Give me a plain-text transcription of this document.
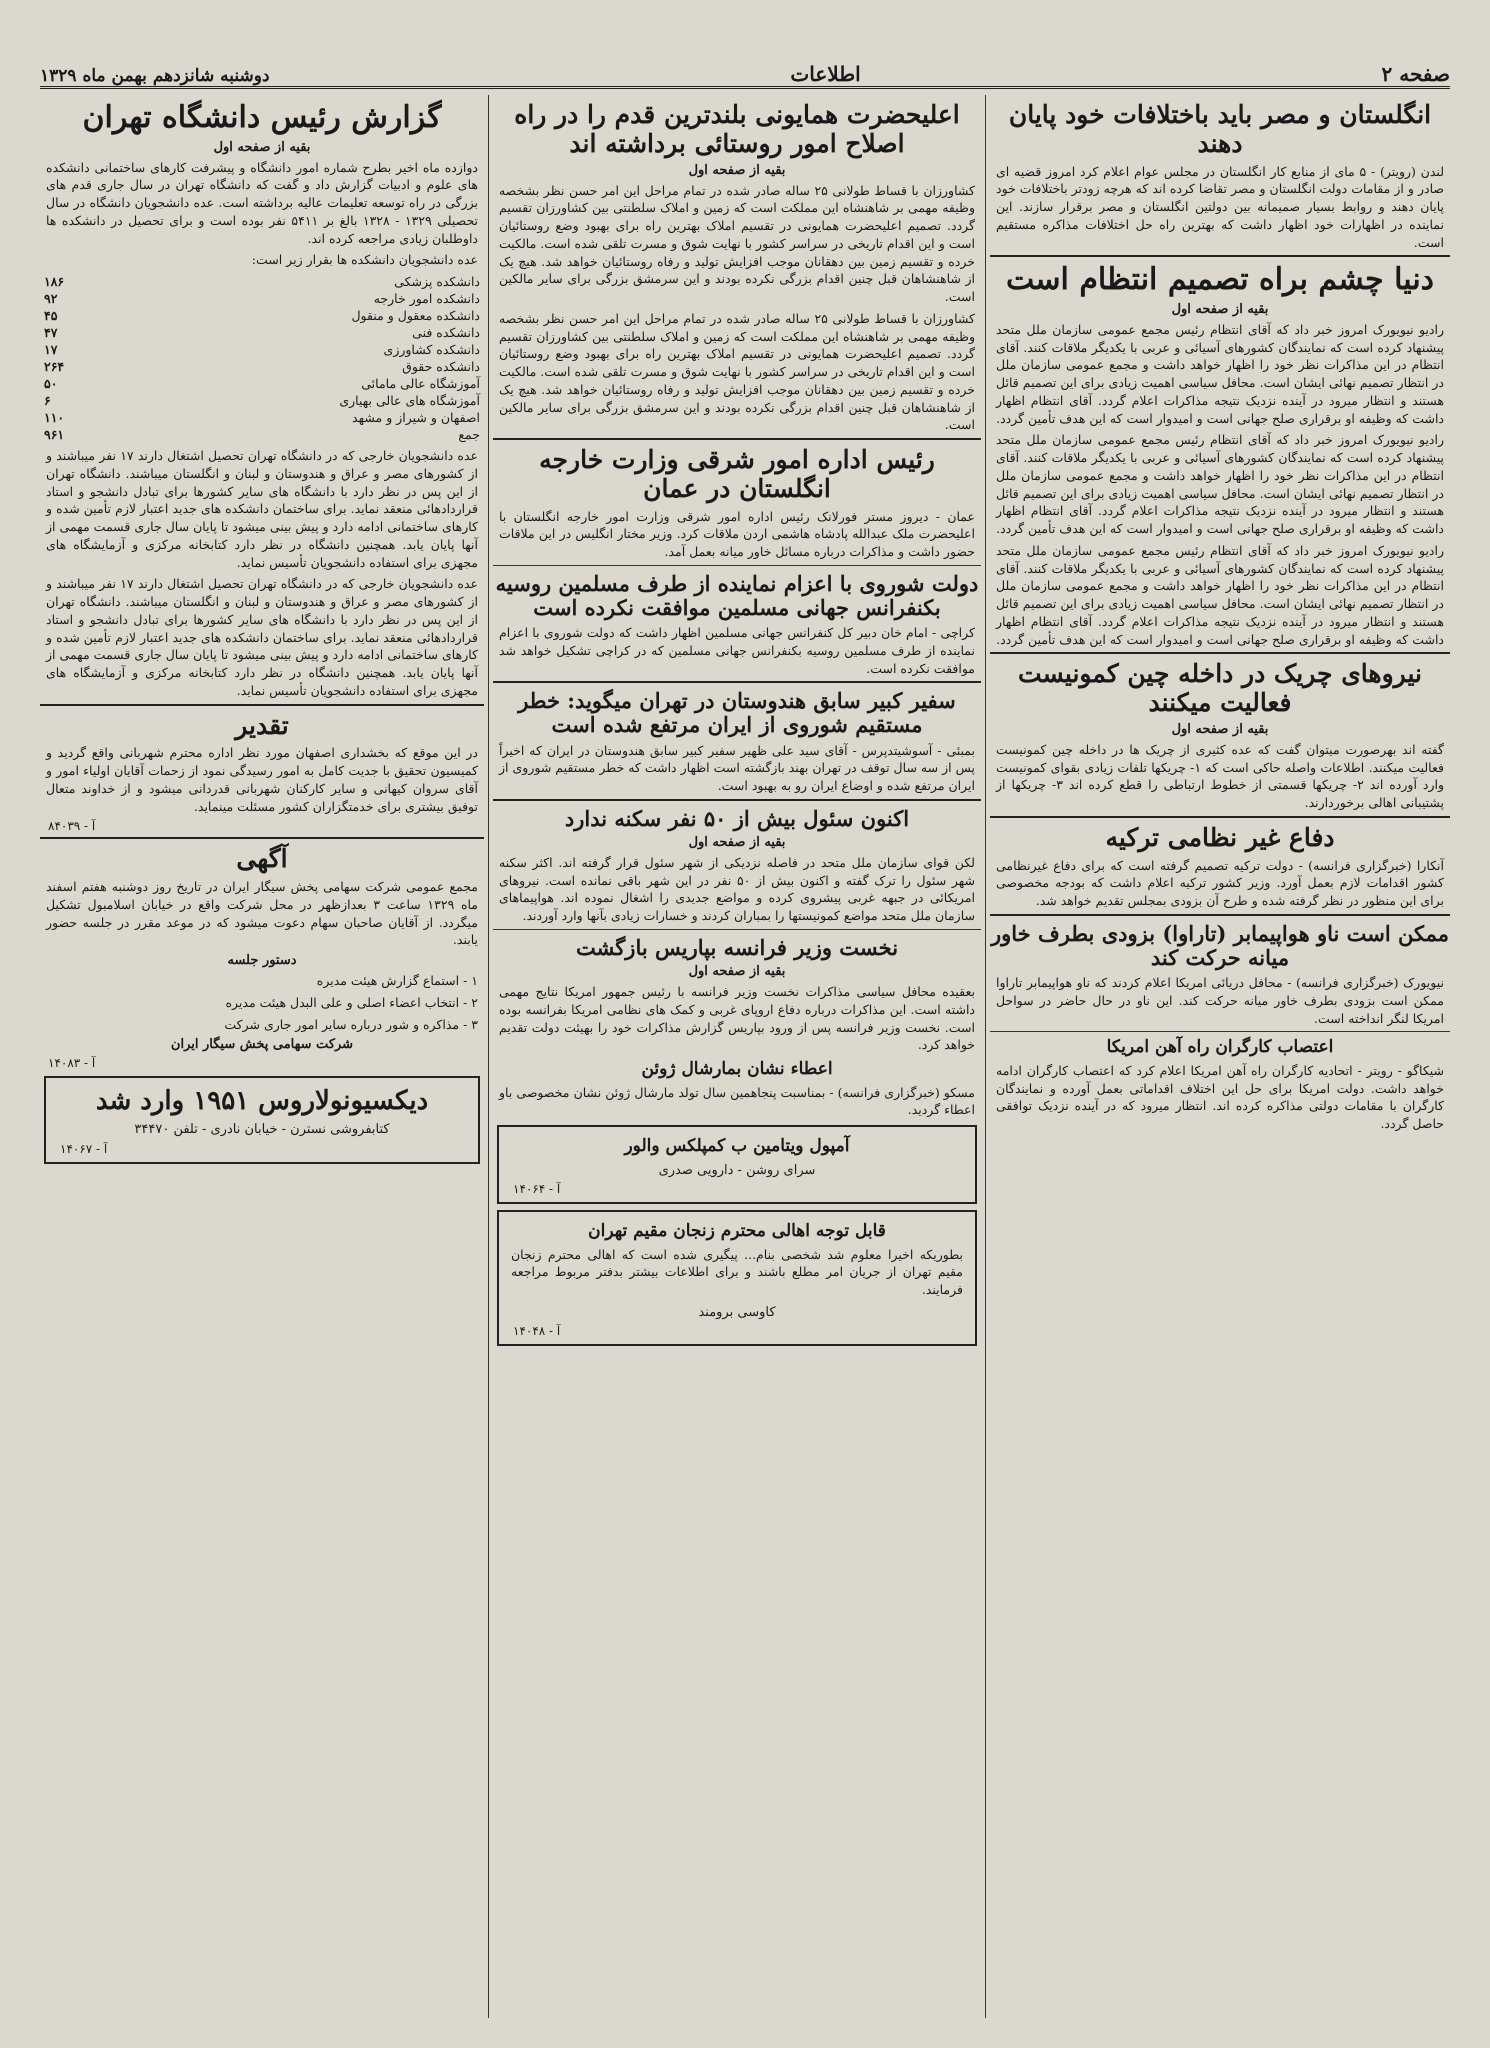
صفحه ۲
اطلاعات
دوشنبه شانزدهم بهمن ماه ۱۳۲۹
انگلستان و مصر باید باختلافات خود پایان دهند

لندن (رویتر) - ۵ مای از منابع کار انگلستان در مجلس عوام اعلام کرد امروز قضیه ای صادر و از مقامات دولت انگلستان و مصر تقاضا کرده اند که هرچه زودتر باختلافات خود پایان دهند و روابط بسیار صمیمانه بین دولتین انگلستان و مصر برقرار سازند. این نماینده در اظهارات خود اظهار داشت که بهترین راه حل اختلافات مذاکره مستقیم است.

دنیا چشم براه تصمیم انتظام است
بقیه از صفحه اول

رادیو نیویورک امروز خبر داد که آقای انتظام رئیس مجمع عمومی سازمان ملل متحد پیشنهاد کرده است که نمایندگان کشورهای آسیائی و عربی با یکدیگر ملاقات کنند. آقای انتظام در این مذاکرات نظر خود را اظهار خواهد داشت و مجمع عمومی سازمان ملل در انتظار تصمیم نهائی ایشان است. محافل سیاسی اهمیت زیادی برای این تصمیم قائل هستند و انتظار میرود در آینده نزدیک نتیجه مذاکرات اعلام گردد. آقای انتظام اظهار داشت که وظیفه او برقراری صلح جهانی است و امیدوار است که این هدف تأمین گردد.

رادیو نیویورک امروز خبر داد که آقای انتظام رئیس مجمع عمومی سازمان ملل متحد پیشنهاد کرده است که نمایندگان کشورهای آسیائی و عربی با یکدیگر ملاقات کنند. آقای انتظام در این مذاکرات نظر خود را اظهار خواهد داشت و مجمع عمومی سازمان ملل در انتظار تصمیم نهائی ایشان است. محافل سیاسی اهمیت زیادی برای این تصمیم قائل هستند و انتظار میرود در آینده نزدیک نتیجه مذاکرات اعلام گردد. آقای انتظام اظهار داشت که وظیفه او برقراری صلح جهانی است و امیدوار است که این هدف تأمین گردد.

رادیو نیویورک امروز خبر داد که آقای انتظام رئیس مجمع عمومی سازمان ملل متحد پیشنهاد کرده است که نمایندگان کشورهای آسیائی و عربی با یکدیگر ملاقات کنند. آقای انتظام در این مذاکرات نظر خود را اظهار خواهد داشت و مجمع عمومی سازمان ملل در انتظار تصمیم نهائی ایشان است. محافل سیاسی اهمیت زیادی برای این تصمیم قائل هستند و انتظار میرود در آینده نزدیک نتیجه مذاکرات اعلام گردد. آقای انتظام اظهار داشت که وظیفه او برقراری صلح جهانی است و امیدوار است که این هدف تأمین گردد.

نیروهای چریک در داخله چین کمونیست فعالیت میکنند
بقیه از صفحه اول

گفته اند بهرصورت میتوان گفت که عده کثیری از چریک ها در داخله چین کمونیست فعالیت میکنند. اطلاعات واصله حاکی است که ۱- چریکها تلفات زیادی بقوای کمونیست وارد آورده اند ۲- چریکها قسمتی از خطوط ارتباطی را قطع کرده اند ۳- چریکها از پشتیبانی اهالی برخوردارند.

دفاع غیر نظامی ترکیه

آنکارا (خبرگزاری فرانسه) - دولت ترکیه تصمیم گرفته است که برای دفاع غیرنظامی کشور اقدامات لازم بعمل آورد. وزیر کشور ترکیه اعلام داشت که بودجه مخصوصی برای این منظور در نظر گرفته شده و طرح آن بزودی بمجلس تقدیم خواهد شد.

ممکن است ناو هواپیمابر (تاراوا) بزودی بطرف خاور میانه حرکت کند

نیویورک (خبرگزاری فرانسه) - محافل دریائی امریکا اعلام کردند که ناو هواپیمابر تاراوا ممکن است بزودی بطرف خاور میانه حرکت کند. این ناو در حال حاضر در سواحل امریکا لنگر انداخته است.

اعتصاب کارگران راه آهن امریکا

شیکاگو - رویتر - اتحادیه کارگران راه آهن امریکا اعلام کرد که اعتصاب کارگران ادامه خواهد داشت. دولت امریکا برای حل این اختلاف اقداماتی بعمل آورده و نمایندگان کارگران با مقامات دولتی مذاکره کرده اند. انتظار میرود که در آینده نزدیک توافقی حاصل گردد.

اعلیحضرت همایونی بلندترین قدم را در راه اصلاح امور روستائی برداشته اند
بقیه از صفحه اول

کشاورزان با قساط طولانی ۲۵ ساله صادر شده در تمام مراحل این امر حسن نظر بشخصه وظیفه مهمی بر شاهنشاه این مملکت است که زمین و املاک سلطنتی بین کشاورزان تقسیم گردد. تصمیم اعلیحضرت همایونی در تقسیم املاک بهترین راه برای بهبود وضع روستائیان است و این اقدام تاریخی در سراسر کشور با نهایت شوق و مسرت تلقی شده است. مالکیت خرده و تقسیم زمین بین دهقانان موجب افزایش تولید و رفاه روستائیان خواهد شد. هیچ یک از شاهنشاهان قبل چنین اقدام بزرگی نکرده بودند و این سرمشق بزرگی برای سایر مالکین است.

کشاورزان با قساط طولانی ۲۵ ساله صادر شده در تمام مراحل این امر حسن نظر بشخصه وظیفه مهمی بر شاهنشاه این مملکت است که زمین و املاک سلطنتی بین کشاورزان تقسیم گردد. تصمیم اعلیحضرت همایونی در تقسیم املاک بهترین راه برای بهبود وضع روستائیان است و این اقدام تاریخی در سراسر کشور با نهایت شوق و مسرت تلقی شده است. مالکیت خرده و تقسیم زمین بین دهقانان موجب افزایش تولید و رفاه روستائیان خواهد شد. هیچ یک از شاهنشاهان قبل چنین اقدام بزرگی نکرده بودند و این سرمشق بزرگی برای سایر مالکین است.

رئیس اداره امور شرقی وزارت خارجه انگلستان در عمان

عمان - دیروز مستر فورلانک رئیس اداره امور شرقی وزارت امور خارجه انگلستان با اعلیحضرت ملک عبدالله پادشاه هاشمی اردن ملاقات کرد. وزیر مختار انگلیس در این ملاقات حضور داشت و مذاکرات درباره مسائل خاور میانه بعمل آمد.

دولت شوروی با اعزام نماینده از طرف مسلمین روسیه بکنفرانس جهانی مسلمین موافقت نکرده است

کراچی - امام خان دبیر کل کنفرانس جهانی مسلمین اظهار داشت که دولت شوروی با اعزام نماینده از طرف مسلمین روسیه بکنفرانس جهانی مسلمین که در کراچی تشکیل خواهد شد موافقت نکرده است.

سفیر کبیر سابق هندوستان در تهران میگوید: خطر مستقیم شوروی از ایران مرتفع شده است

بمبئی - آسوشیتدپرس - آقای سید علی ظهیر سفیر کبیر سابق هندوستان در ایران که اخیراً پس از سه سال توقف در تهران بهند بازگشته است اظهار داشت که خطر مستقیم شوروی از ایران مرتفع شده و اوضاع ایران رو به بهبود است.

اکنون سئول بیش از ۵۰ نفر سکنه ندارد
بقیه از صفحه اول

لکن قوای سازمان ملل متحد در فاصله نزدیکی از شهر سئول قرار گرفته اند. اکثر سکنه شهر سئول را ترک گفته و اکنون بیش از ۵۰ نفر در این شهر باقی نمانده است. نیروهای امریکائی در جبهه غربی پیشروی کرده و مواضع جدیدی را اشغال نموده اند. هواپیماهای سازمان ملل متحد مواضع کمونیستها را بمباران کردند و خسارات زیادی بآنها وارد آوردند.

نخست وزیر فرانسه بپاریس بازگشت
بقیه از صفحه اول

بعقیده محافل سیاسی مذاکرات نخست وزیر فرانسه با رئیس جمهور امریکا نتایج مهمی داشته است. این مذاکرات درباره دفاع اروپای غربی و کمک های نظامی امریکا بفرانسه بوده است. نخست وزیر فرانسه پس از ورود بپاریس گزارش مذاکرات خود را بهیئت دولت تقدیم خواهد کرد.

اعطاء نشان بمارشال ژوئن

مسکو (خبرگزاری فرانسه) - بمناسبت پنجاهمین سال تولد مارشال ژوئن نشان مخصوصی باو اعطاء گردید.

آمپول ویتامین ب کمپلکس والور
سرای روشن - دارویی صدری
آ - ۱۴۰۶۴
قابل توجه اهالی محترم زنجان مقیم تهران

بطوریکه اخیرا معلوم شد شخصی بنام... پیگیری شده است که اهالی محترم زنجان مقیم تهران از جریان امر مطلع باشند و برای اطلاعات بیشتر بدفتر مربوط مراجعه فرمایند.

کاوسی برومند
آ - ۱۴۰۴۸
گزارش رئیس دانشگاه تهران
بقیه از صفحه اول

دوازده ماه اخیر بطرح شماره امور دانشگاه و پیشرفت کارهای ساختمانی دانشکده های علوم و ادبیات گزارش داد و گفت که دانشگاه تهران در سال جاری قدم های بزرگی در راه توسعه تعلیمات عالیه برداشته است. عده دانشجویان دانشگاه در سال تحصیلی ۱۳۲۹ - ۱۳۲۸ بالغ بر ۵۴۱۱ نفر بوده است و برای تحصیل در دانشکده ها داوطلبان زیادی مراجعه کرده اند.

عده دانشجویان دانشکده ها بقرار زیر است:

دانشکده پزشکی	۱۸۶
دانشکده امور خارجه	۹۲
دانشکده معقول و منقول	۴۵
دانشکده فنی	۴۷
دانشکده کشاورزی	۱۷
دانشکده حقوق	۲۶۴
آموزشگاه عالی مامائی	۵۰
آموزشگاه های عالی بهیاری	۶
اصفهان و شیراز و مشهد	۱۱۰
جمع	۹۶۱

عده دانشجویان خارجی که در دانشگاه تهران تحصیل اشتغال دارند ۱۷ نفر میباشند و از کشورهای مصر و عراق و هندوستان و لبنان و انگلستان میباشند. دانشگاه تهران از این پس در نظر دارد با دانشگاه های سایر کشورها برای تبادل دانشجو و استاد قراردادهائی منعقد نماید. برای ساختمان دانشکده های جدید اعتبار لازم تأمین شده و کارهای ساختمانی ادامه دارد و پیش بینی میشود تا پایان سال جاری قسمت مهمی از آنها پایان یابد. همچنین دانشگاه در نظر دارد کتابخانه مرکزی و آزمایشگاه های مجهزی برای استفاده دانشجویان تأسیس نماید.

عده دانشجویان خارجی که در دانشگاه تهران تحصیل اشتغال دارند ۱۷ نفر میباشند و از کشورهای مصر و عراق و هندوستان و لبنان و انگلستان میباشند. دانشگاه تهران از این پس در نظر دارد با دانشگاه های سایر کشورها برای تبادل دانشجو و استاد قراردادهائی منعقد نماید. برای ساختمان دانشکده های جدید اعتبار لازم تأمین شده و کارهای ساختمانی ادامه دارد و پیش بینی میشود تا پایان سال جاری قسمت مهمی از آنها پایان یابد. همچنین دانشگاه در نظر دارد کتابخانه مرکزی و آزمایشگاه های مجهزی برای استفاده دانشجویان تأسیس نماید.

تقدیر

در این موقع که بخشداری اصفهان مورد نظر اداره محترم شهربانی واقع گردید و کمیسیون تحقیق با جدیت کامل به امور رسیدگی نمود از زحمات آقایان اولیاء امور و آقای سروان کیهانی و سایر کارکنان شهربانی قدردانی میشود و از خداوند متعال توفیق بیشتری برای خدمتگزاران کشور مسئلت مینماید.

آ - ۸۴۰۳۹
آگهی

مجمع عمومی شرکت سهامی پخش سیگار ایران در تاریخ روز دوشنبه هفتم اسفند ماه ۱۳۲۹ ساعت ۳ بعدازظهر در محل شرکت واقع در خیابان اسلامبول تشکیل میگردد. از آقایان صاحبان سهام دعوت میشود که در موعد مقرر در جلسه حضور یابند.

دستور جلسه

۱ - استماع گزارش هیئت مدیره

۲ - انتخاب اعضاء اصلی و علی البدل هیئت مدیره

۳ - مذاکره و شور درباره سایر امور جاری شرکت

شرکت سهامی پخش سیگار ایران
آ - ۱۴۰۸۳
دیکسیونولاروس ۱۹۵۱ وارد شد
کتابفروشی نسترن - خیابان نادری - تلفن ۳۴۴۷۰
آ - ۱۴۰۶۷
